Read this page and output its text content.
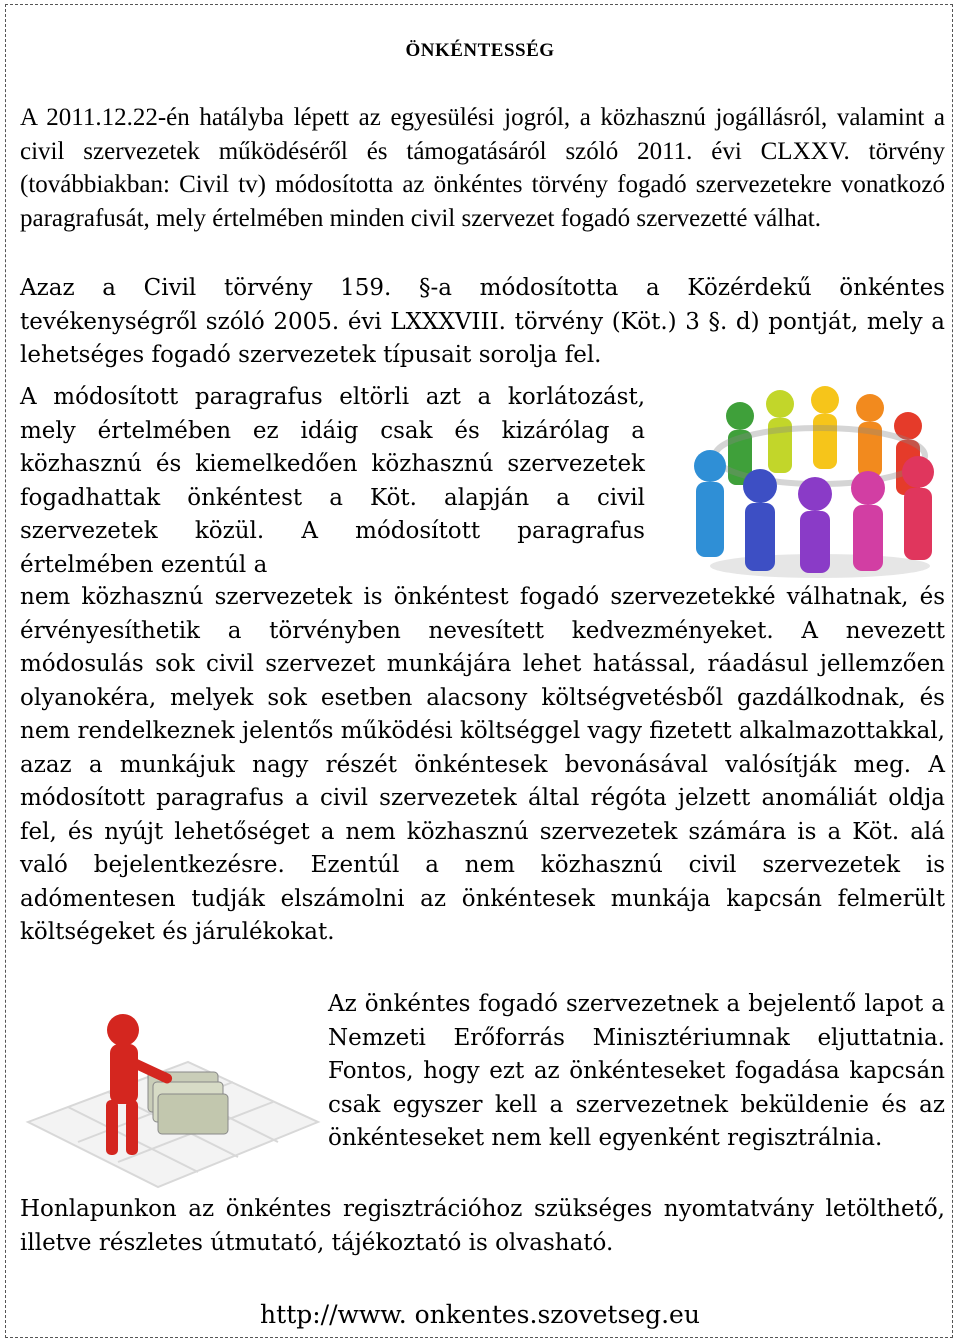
ÖNKÉNTESSÉG
A 2011.12.22-én hatályba lépett az egyesülési jogról, a közhasznú jogállásról, valamint a civil szervezetek működéséről és támogatásáról szóló 2011. évi CLXXV. törvény (továbbiakban: Civil tv) módosította az önkéntes törvény fogadó szervezetekre vonatkozó paragrafusát, mely értelmében minden civil szervezet fogadó szervezetté válhat.
Azaz a Civil törvény 159. §-a módosította a Közérdekű önkéntes tevékenységről szóló 2005. évi LXXXVIII. törvény (Köt.) 3 §. d) pontját, mely a lehetséges fogadó szervezetek típusait sorolja fel.
A módosított paragrafus eltörli azt a korlátozást, mely értelmében ez idáig csak és kizárólag a közhasznú és kiemelkedően közhasznú szervezetek fogadhattak önkéntest a Köt. alapján a civil szervezetek közül. A módosított paragrafus értelmében ezentúl a
nem közhasznú szervezetek is önkéntest fogadó szervezetekké válhatnak, és érvényesíthetik a törvényben nevesített kedvezményeket. A nevezett módosulás sok civil szervezet munkájára lehet hatással, ráadásul jellemzően olyanokéra, melyek sok esetben alacsony költségvetésből gazdálkodnak, és nem rendelkeznek jelentős működési költséggel vagy fizetett alkalmazottakkal, azaz a munkájuk nagy részét önkéntesek bevonásával valósítják meg. A módosított paragrafus a civil szervezetek által régóta jelzett anomáliát oldja fel, és nyújt lehetőséget a nem közhasznú szervezetek számára is a Köt. alá való bejelentkezésre. Ezentúl a nem közhasznú civil szervezetek is adómentesen tudják elszámolni az önkéntesek munkája kapcsán felmerült költségeket és járulékokat.
Az önkéntes fogadó szervezetnek a bejelentő lapot a Nemzeti Erőforrás Minisztériumnak eljuttatnia. Fontos, hogy ezt az önkénteseket fogadása kapcsán csak egyszer kell a szervezetnek beküldenie és az önkénteseket nem kell egyenként regisztrálnia.
Honlapunkon az önkéntes regisztrációhoz szükséges nyomtatvány letölthető, illetve részletes útmutató, tájékoztató is olvasható.
http://www. onkentes.szovetseg.eu
